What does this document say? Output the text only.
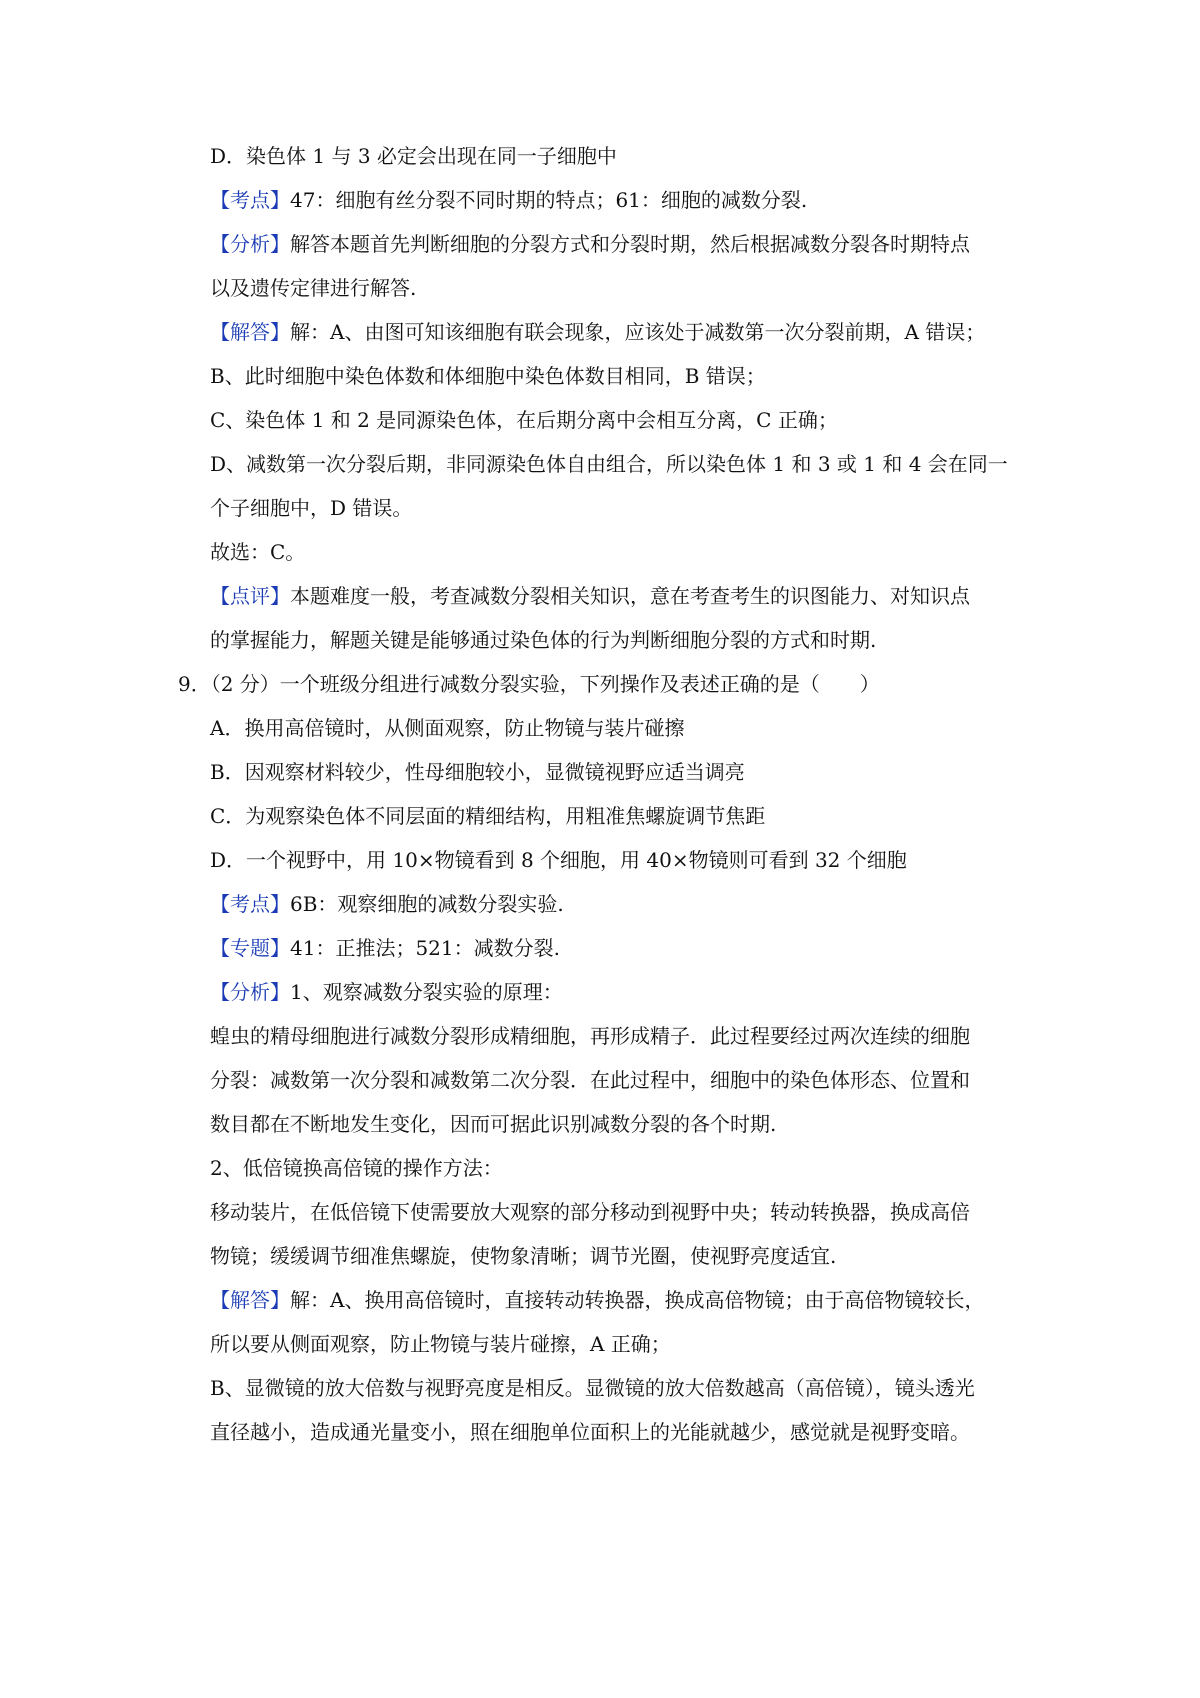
D．染色体 1 与 3 必定会出现在同一子细胞中
【考点】47：细胞有丝分裂不同时期的特点；61：细胞的减数分裂.
【分析】解答本题首先判断细胞的分裂方式和分裂时期，然后根据减数分裂各时期特点
以及遗传定律进行解答.
【解答】解：A、由图可知该细胞有联会现象，应该处于减数第一次分裂前期，A 错误；
B、此时细胞中染色体数和体细胞中染色体数目相同，B 错误；
C、染色体 1 和 2 是同源染色体，在后期分离中会相互分离，C 正确；
D、减数第一次分裂后期，非同源染色体自由组合，所以染色体 1 和 3 或 1 和 4 会在同一
个子细胞中，D 错误。
故选：C。
【点评】本题难度一般，考查减数分裂相关知识，意在考查考生的识图能力、对知识点
的掌握能力，解题关键是能够通过染色体的行为判断细胞分裂的方式和时期.
9．（2 分）一个班级分组进行减数分裂实验，下列操作及表述正确的是（　　）
A．换用高倍镜时，从侧面观察，防止物镜与装片碰擦
B．因观察材料较少，性母细胞较小，显微镜视野应适当调亮
C．为观察染色体不同层面的精细结构，用粗准焦螺旋调节焦距
D．一个视野中，用 10×物镜看到 8 个细胞，用 40×物镜则可看到 32 个细胞
【考点】6B：观察细胞的减数分裂实验.
【专题】41：正推法；521：减数分裂.
【分析】1、观察减数分裂实验的原理：
蝗虫的精母细胞进行减数分裂形成精细胞，再形成精子．此过程要经过两次连续的细胞
分裂：减数第一次分裂和减数第二次分裂．在此过程中，细胞中的染色体形态、位置和
数目都在不断地发生变化，因而可据此识别减数分裂的各个时期.
2、低倍镜换高倍镜的操作方法：
移动装片，在低倍镜下使需要放大观察的部分移动到视野中央；转动转换器，换成高倍
物镜；缓缓调节细准焦螺旋，使物象清晰；调节光圈，使视野亮度适宜.
【解答】解：A、换用高倍镜时，直接转动转换器，换成高倍物镜；由于高倍物镜较长，
所以要从侧面观察，防止物镜与装片碰擦，A 正确；
B、显微镜的放大倍数与视野亮度是相反。显微镜的放大倍数越高（高倍镜），镜头透光
直径越小，造成通光量变小，照在细胞单位面积上的光能就越少，感觉就是视野变暗。
